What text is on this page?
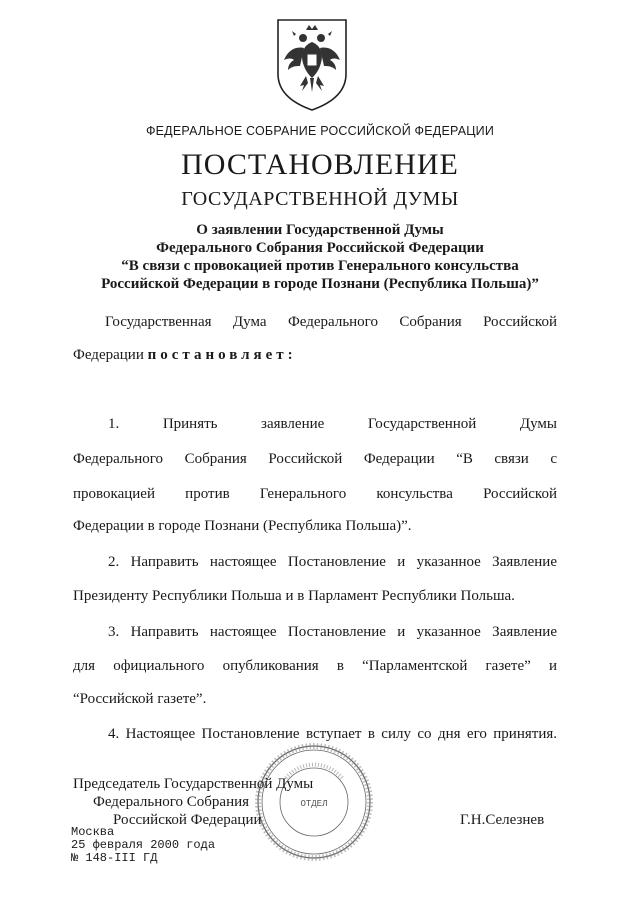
ФЕДЕРАЛЬНОЕ СОБРАНИЕ РОССИЙСКОЙ ФЕДЕРАЦИИ
ПОСТАНОВЛЕНИЕ
ГОСУДАРСТВЕННОЙ ДУМЫ
О заявлении Государственной Думы
Федерального Собрания Российской Федерации
“В связи с провокацией против Генерального консульства
Российской Федерации в городе Познани (Республика Польша)”
Государственная Дума Федерального Собрания Российской
Федерации постановляет:
1. Принять заявление Государственной Думы
Федерального Собрания Российской Федерации “В связи с
провокацией против Генерального консульства Российской
Федерации в городе Познани (Республика Польша)”.
2. Направить настоящее Постановление и указанное Заявление
Президенту Республики Польша и в Парламент Республики Польша.
3. Направить настоящее Постановление и указанное Заявление
для официального опубликования в “Парламентской газете” и
“Российской газете”.
4. Настоящее Постановление вступает в силу со дня его принятия.
ОТДЕЛ
Председатель Государственной Думы
Федерального Собрания
Российской Федерации	Г.Н.Селезнев
Москва
25 февраля 2000 года
№ 148-III ГД
